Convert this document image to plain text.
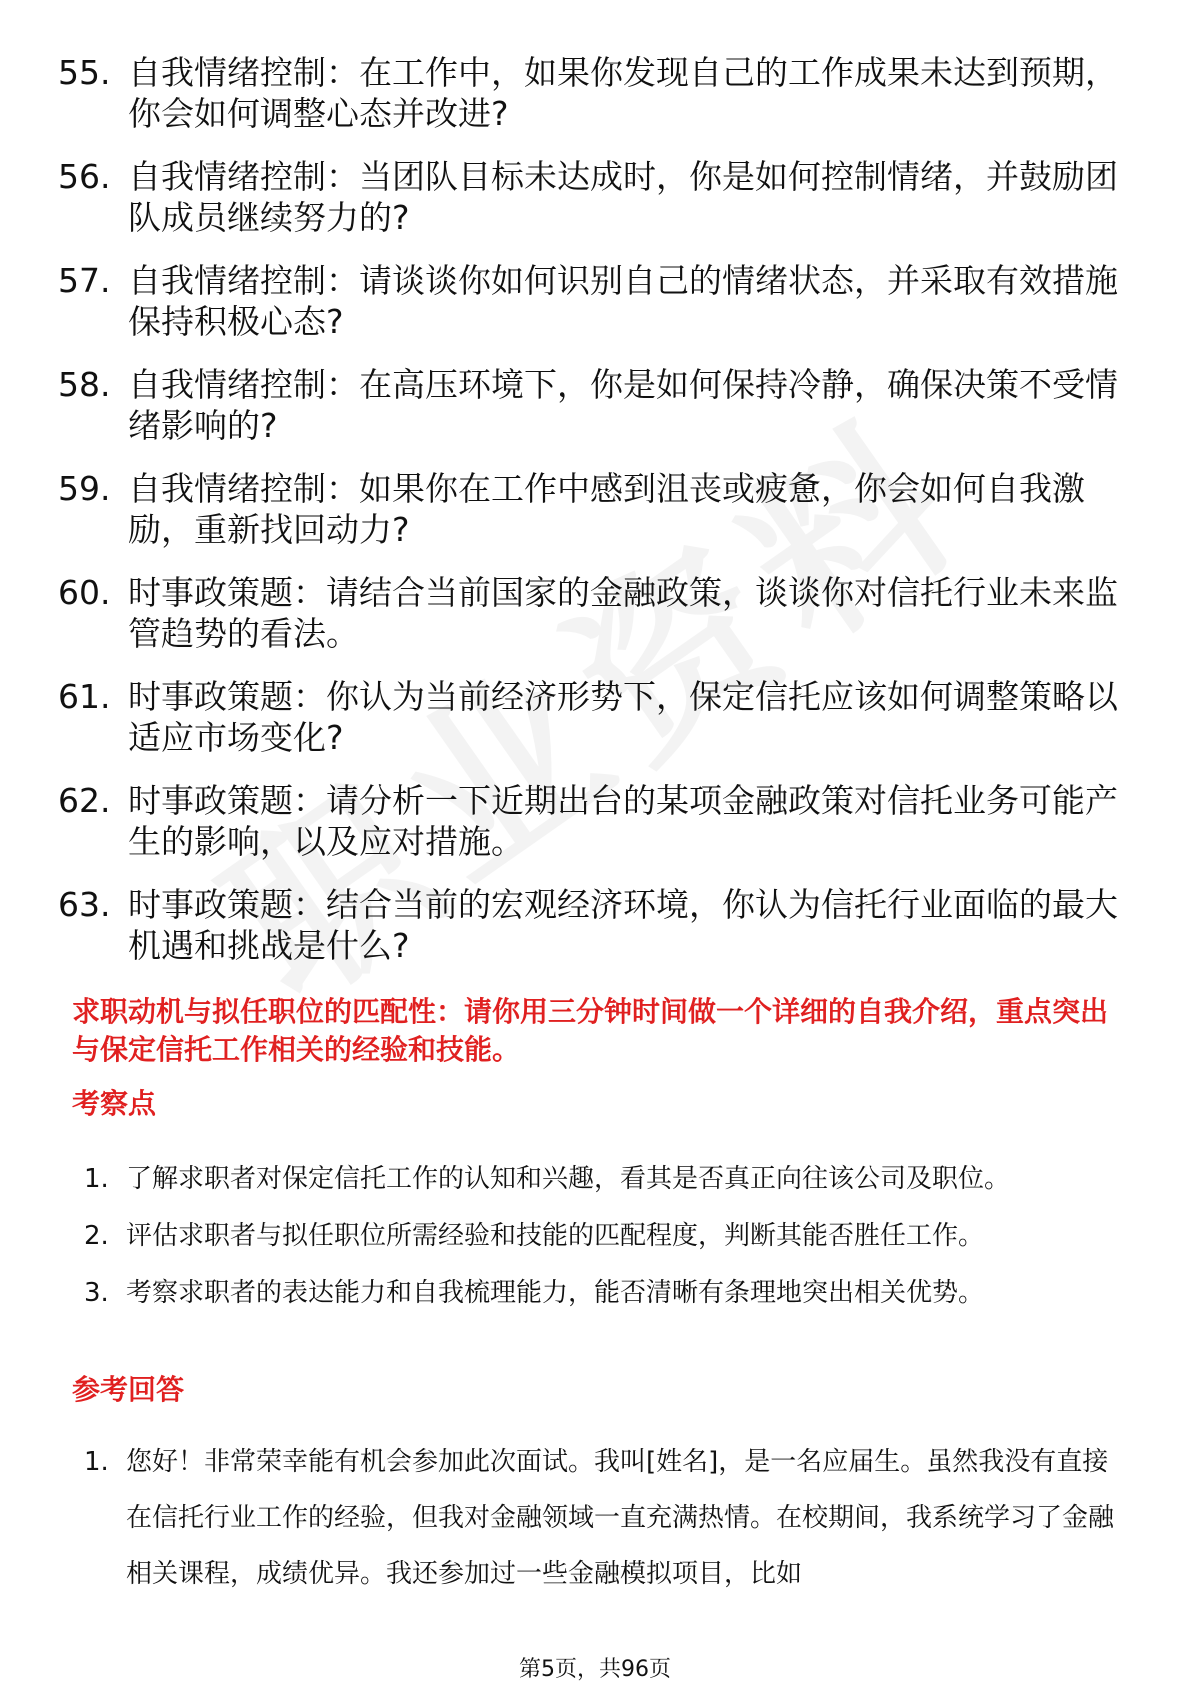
55. 自我情绪控制：在工作中，如果你发现自己的工作成果未达到预期，你会如何调整心态并改进?
56. 自我情绪控制：当团队目标未达成时，你是如何控制情绪，并鼓励团队成员继续努力的?
57. 自我情绪控制：请谈谈你如何识别自己的情绪状态，并采取有效措施保持积极心态?
58. 自我情绪控制：在高压环境下，你是如何保持冷静，确保决策不受情绪影响的?
59. 自我情绪控制：如果你在工作中感到沮丧或疲惫，你会如何自我激励，重新找回动力?
60. 时事政策题：请结合当前国家的金融政策，谈谈你对信托行业未来监管趋势的看法。
61. 时事政策题：你认为当前经济形势下，保定信托应该如何调整策略以适应市场变化?
62. 时事政策题：请分析一下近期出台的某项金融政策对信托业务可能产生的影响，以及应对措施。
63. 时事政策题：结合当前的宏观经济环境，你认为信托行业面临的最大机遇和挑战是什么?
求职动机与拟任职位的匹配性：请你用三分钟时间做一个详细的自我介绍，重点突出与保定信托工作相关的经验和技能。
考察点
1. 了解求职者对保定信托工作的认知和兴趣，看其是否真正向往该公司及职位。
2. 评估求职者与拟任职位所需经验和技能的匹配程度，判断其能否胜任工作。
3. 考察求职者的表达能力和自我梳理能力，能否清晰有条理地突出相关优势。
参考回答
1. 您好！非常荣幸能有机会参加此次面试。我叫[姓名]，是一名应届生。虽然我没有直接在信托行业工作的经验，但我对金融领域一直充满热情。在校期间，我系统学习了金融相关课程，成绩优异。我还参加过一些金融模拟项目，比如
第5页，共96页
